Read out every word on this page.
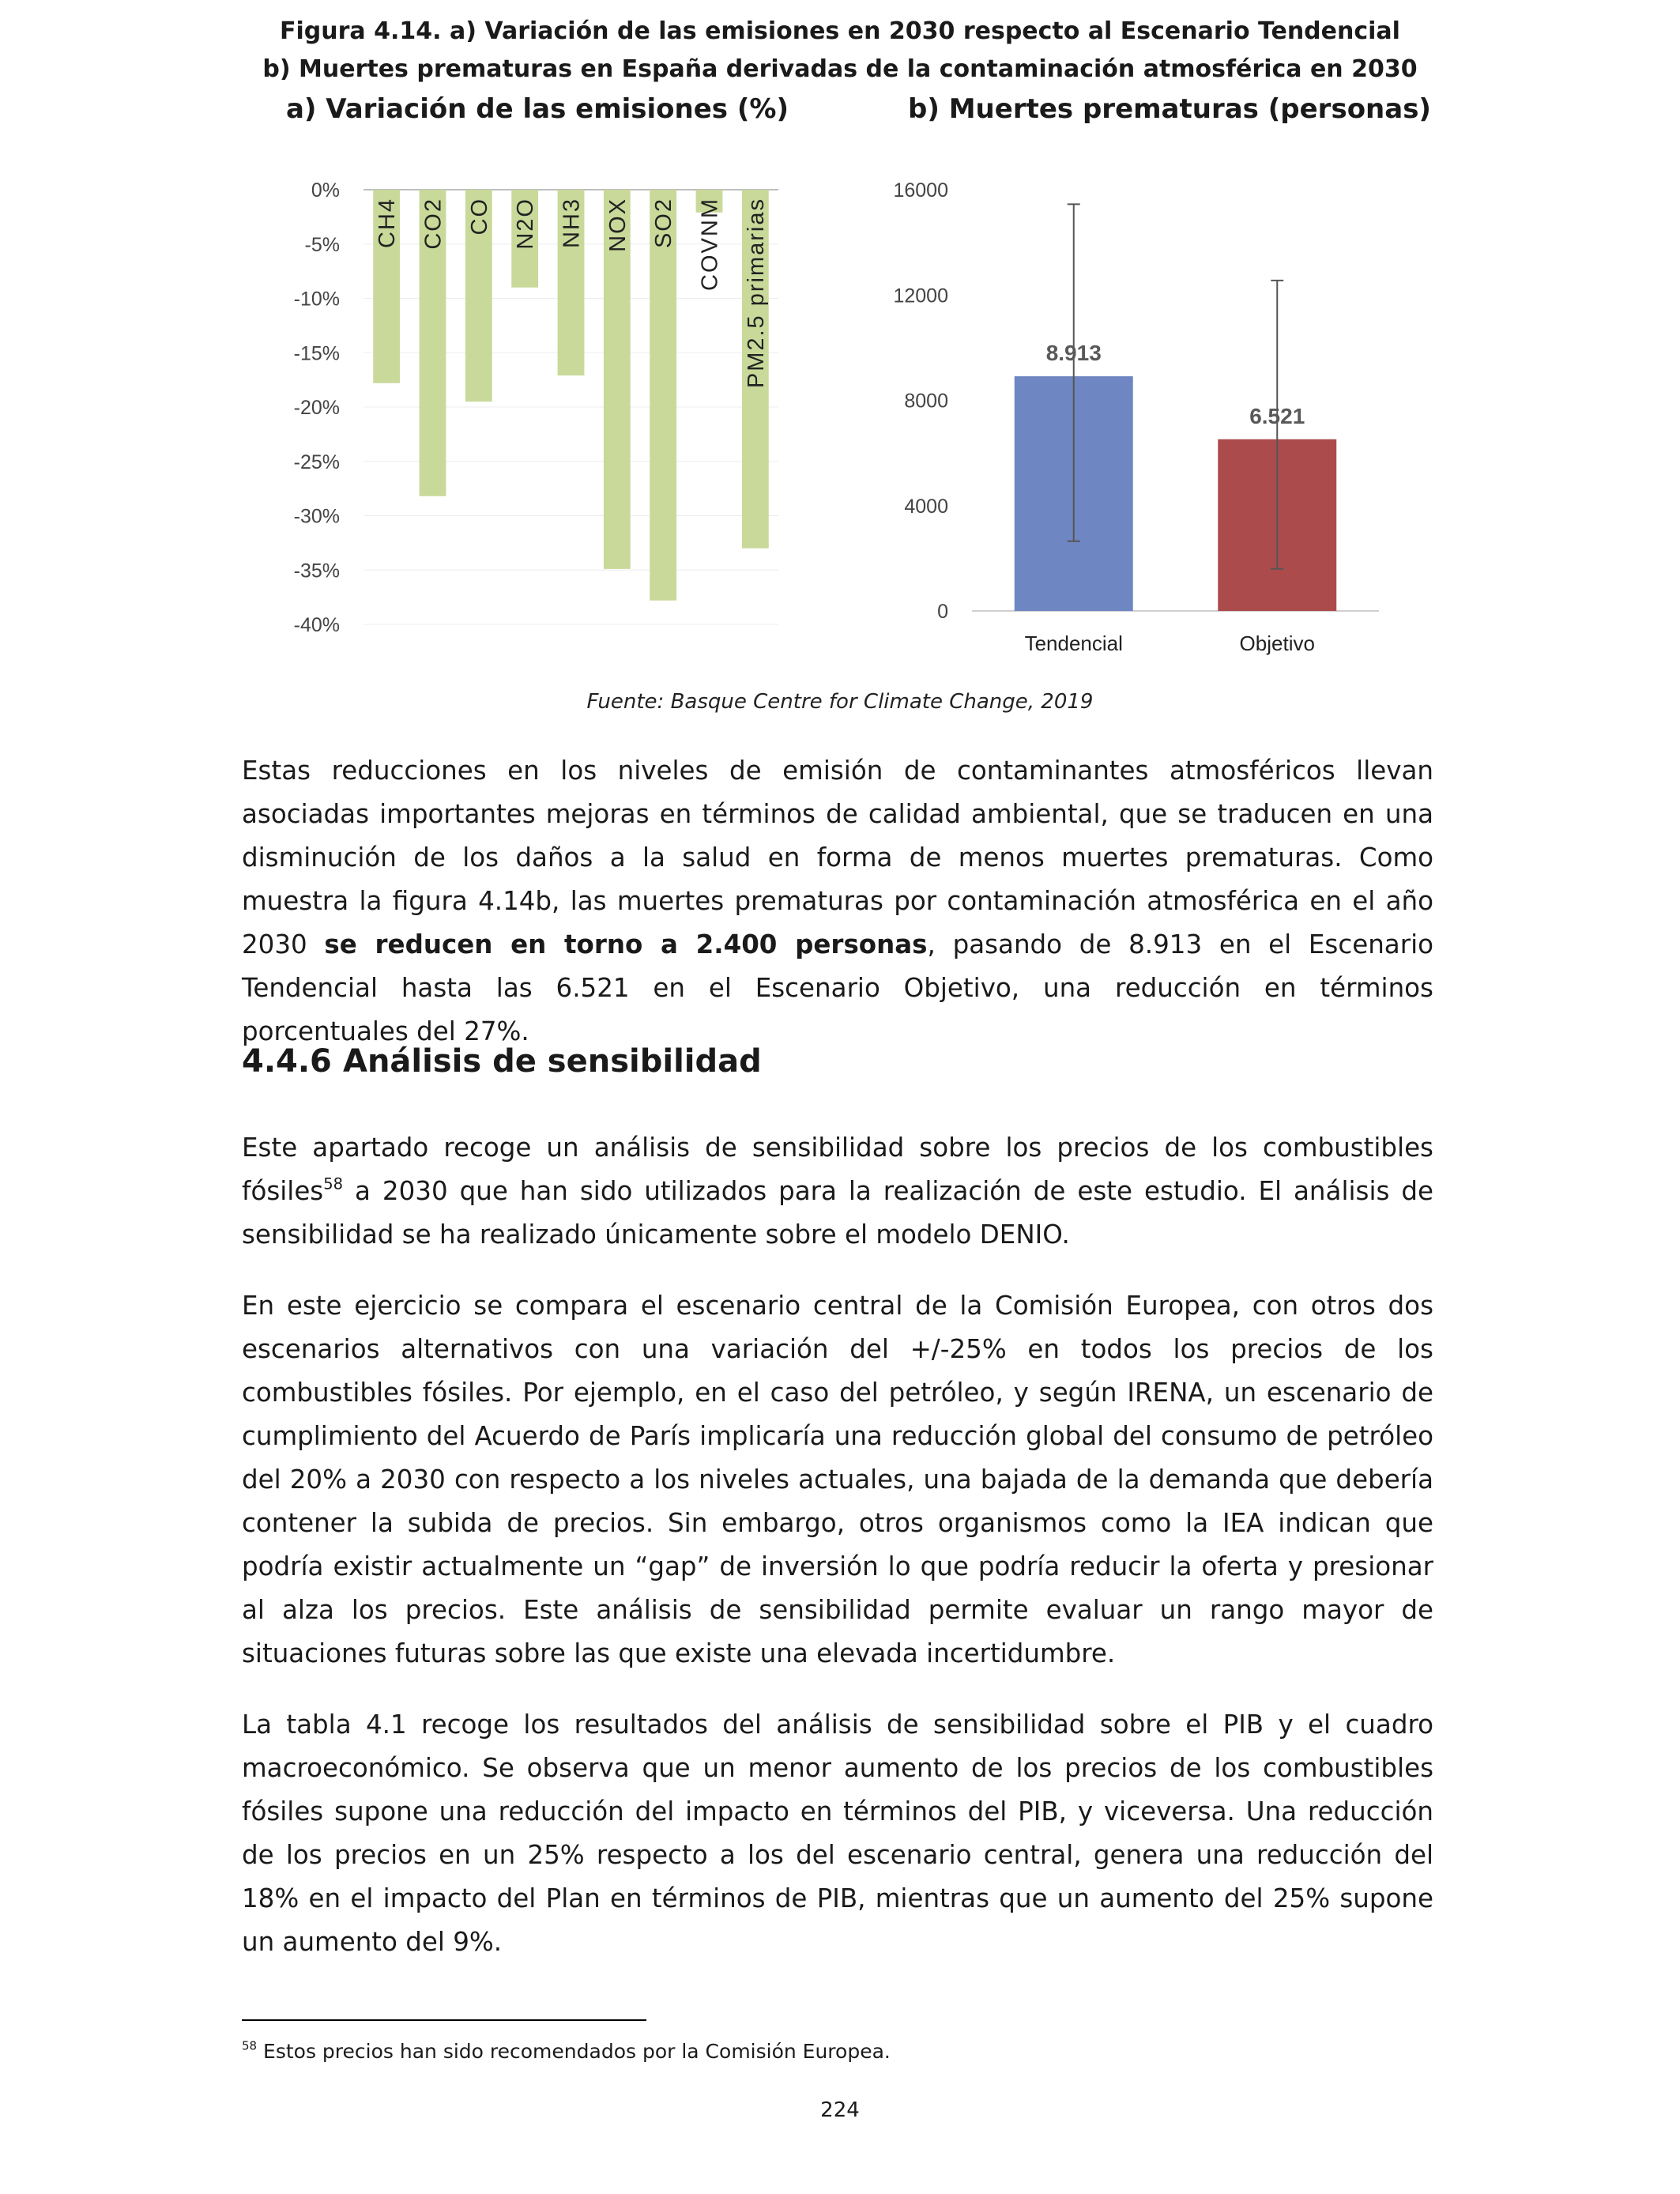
Figura 4.14. a) Variación de las emisiones en 2030 respecto al Escenario Tendencial
b) Muertes prematuras en España derivadas de la contaminación atmosférica en 2030
a) Variación de las emisiones (%)	b) Muertes prematuras (personas)
0%
-5%
-10%
-15%
-20%
-25%
-30%
-35%
-40%
CH4 CO2 CO N2O NH3 NOX SO2 COVNM PM2.5 primarias
16000
12000
8000
4000
0
8.913
Tendencial
6.521
Objetivo
Fuente: Basque Centre for Climate Change, 2019
Estas reducciones en los niveles de emisión de contaminantes atmosféricos llevan asociadas importantes mejoras en términos de calidad ambiental, que se traducen en una disminución de los daños a la salud en forma de menos muertes prematuras. Como muestra la figura 4.14b, las muertes prematuras por contaminación atmosférica en el año 2030 se reducen en torno a 2.400 personas, pasando de 8.913 en el Escenario Tendencial hasta las 6.521 en el Escenario Objetivo, una reducción en términos porcentuales del 27%.
4.4.6 Análisis de sensibilidad
Este apartado recoge un análisis de sensibilidad sobre los precios de los combustibles fósiles$^{58}$ a 2030 que han sido utilizados para la realización de este estudio. El análisis de sensibilidad se ha realizado únicamente sobre el modelo DENIO.
En este ejercicio se compara el escenario central de la Comisión Europea, con otros dos escenarios alternativos con una variación del +/-25% en todos los precios de los combustibles fósiles. Por ejemplo, en el caso del petróleo, y según IRENA, un escenario de cumplimiento del Acuerdo de París implicaría una reducción global del consumo de petróleo del 20% a 2030 con respecto a los niveles actuales, una bajada de la demanda que debería contener la subida de precios. Sin embargo, otros organismos como la IEA indican que podría existir actualmente un “gap” de inversión lo que podría reducir la oferta y presionar al alza los precios. Este análisis de sensibilidad permite evaluar un rango mayor de situaciones futuras sobre las que existe una elevada incertidumbre.
La tabla 4.1 recoge los resultados del análisis de sensibilidad sobre el PIB y el cuadro macroeconómico. Se observa que un menor aumento de los precios de los combustibles fósiles supone una reducción del impacto en términos del PIB, y viceversa. Una reducción de los precios en un 25% respecto a los del escenario central, genera una reducción del 18% en el impacto del Plan en términos de PIB, mientras que un aumento del 25% supone un aumento del 9%.
$^{58}$ Estos precios han sido recomendados por la Comisión Europea.
224
